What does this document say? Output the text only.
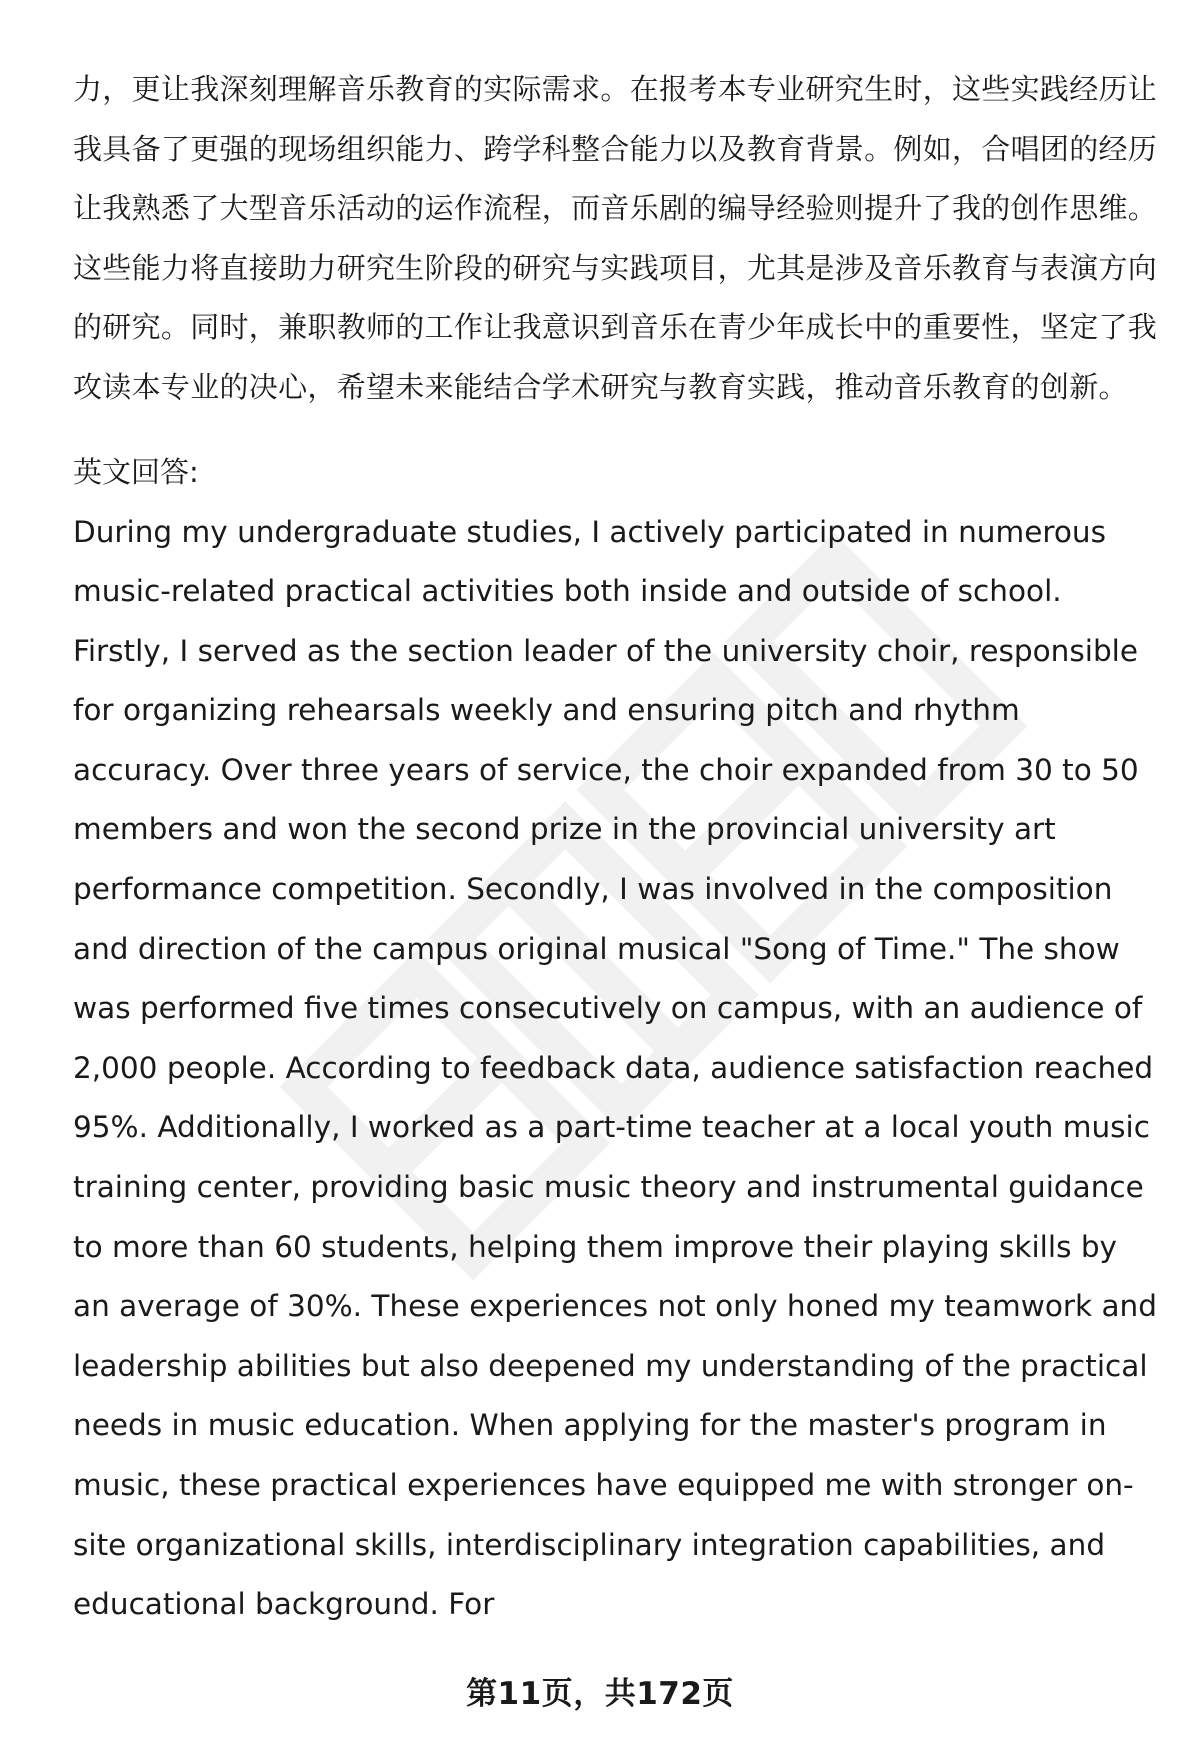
力，更让我深刻理解音乐教育的实际需求。在报考本专业研究生时，这些实践经历让我具备了更强的现场组织能力、跨学科整合能力以及教育背景。例如，合唱团的经历让我熟悉了大型音乐活动的运作流程，而音乐剧的编导经验则提升了我的创作思维。这些能力将直接助力研究生阶段的研究与实践项目，尤其是涉及音乐教育与表演方向的研究。同时，兼职教师的工作让我意识到音乐在青少年成长中的重要性，坚定了我攻读本专业的决心，希望未来能结合学术研究与教育实践，推动音乐教育的创新。

英文回答:

During my undergraduate studies, I actively participated in numerous music-related practical activities both inside and outside of school. Firstly, I served as the section leader of the university choir, responsible for organizing rehearsals weekly and ensuring pitch and rhythm accuracy. Over three years of service, the choir expanded from 30 to 50 members and won the second prize in the provincial university art performance competition. Secondly, I was involved in the composition and direction of the campus original musical "Song of Time." The show was performed five times consecutively on campus, with an audience of 2,000 people. According to feedback data, audience satisfaction reached 95%. Additionally, I worked as a part-time teacher at a local youth music training center, providing basic music theory and instrumental guidance to more than 60 students, helping them improve their playing skills by an average of 30%. These experiences not only honed my teamwork and leadership abilities but also deepened my understanding of the practical needs in music education. When applying for the master's program in music, these practical experiences have equipped me with stronger on-site organizational skills, interdisciplinary integration capabilities, and educational background. For

第11页，共172页
